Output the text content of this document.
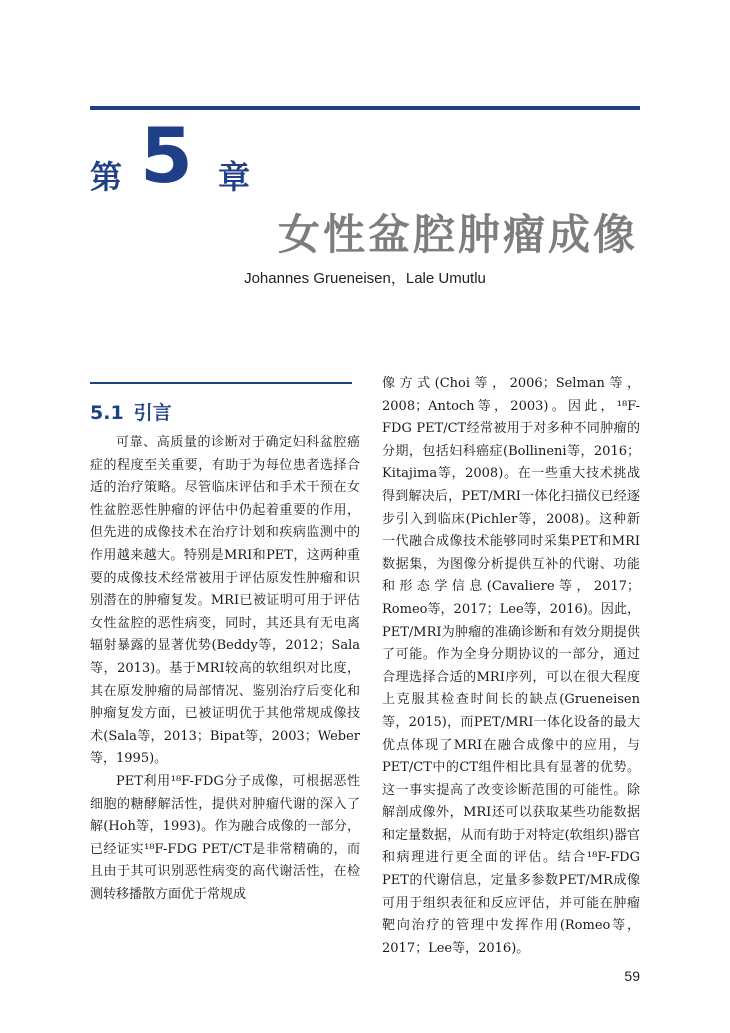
第 5 章
女性盆腔肿瘤成像
Johannes Grueneisen，Lale Umutlu
5.1 引言

可靠、高质量的诊断对于确定妇科盆腔癌症的程度至关重要，有助于为每位患者选择合适的治疗策略。尽管临床评估和手术干预在女性盆腔恶性肿瘤的评估中仍起着重要的作用，但先进的成像技术在治疗计划和疾病监测中的作用越来越大。特别是MRI和PET，这两种重要的成像技术经常被用于评估原发性肿瘤和识别潜在的肿瘤复发。MRI已被证明可用于评估女性盆腔的恶性病变，同时，其还具有无电离辐射暴露的显著优势(Beddy等，2012；Sala等，2013)。基于MRI较高的软组织对比度，其在原发肿瘤的局部情况、鉴别治疗后变化和肿瘤复发方面，已被证明优于其他常规成像技术(Sala等，2013；Bipat等，2003；Weber等，1995)。

PET利用¹⁸F-FDG分子成像，可根据恶性细胞的糖酵解活性，提供对肿瘤代谢的深入了解(Hoh等，1993)。作为融合成像的一部分，已经证实¹⁸F-FDG PET/CT是非常精确的，而且由于其可识别恶性病变的高代谢活性，在检测转移播散方面优于常规成

像方式(Choi等，2006；Selman等，2008；Antoch等，2003)。因此，¹⁸F-FDG PET/CT经常被用于对多种不同肿瘤的分期，包括妇科癌症(Bollineni等，2016；Kitajima等，2008)。在一些重大技术挑战得到解决后，PET/MRI一体化扫描仪已经逐步引入到临床(Pichler等，2008)。这种新一代融合成像技术能够同时采集PET和MRI数据集，为图像分析提供互补的代谢、功能和形态学信息(Cavaliere等，2017；Romeo等，2017；Lee等，2016)。因此，PET/MRI为肿瘤的准确诊断和有效分期提供了可能。作为全身分期协议的一部分，通过合理选择合适的MRI序列，可以在很大程度上克服其检查时间长的缺点(Grueneisen等，2015)，而PET/MRI一体化设备的最大优点体现了MRI在融合成像中的应用，与PET/CT中的CT组件相比具有显著的优势。这一事实提高了改变诊断范围的可能性。除解剖成像外，MRI还可以获取某些功能数据和定量数据，从而有助于对特定(软组织)器官和病理进行更全面的评估。结合¹⁸F-FDG PET的代谢信息，定量多参数PET/MR成像可用于组织表征和反应评估，并可能在肿瘤靶向治疗的管理中发挥作用(Romeo等，2017；Lee等，2016)。

59
